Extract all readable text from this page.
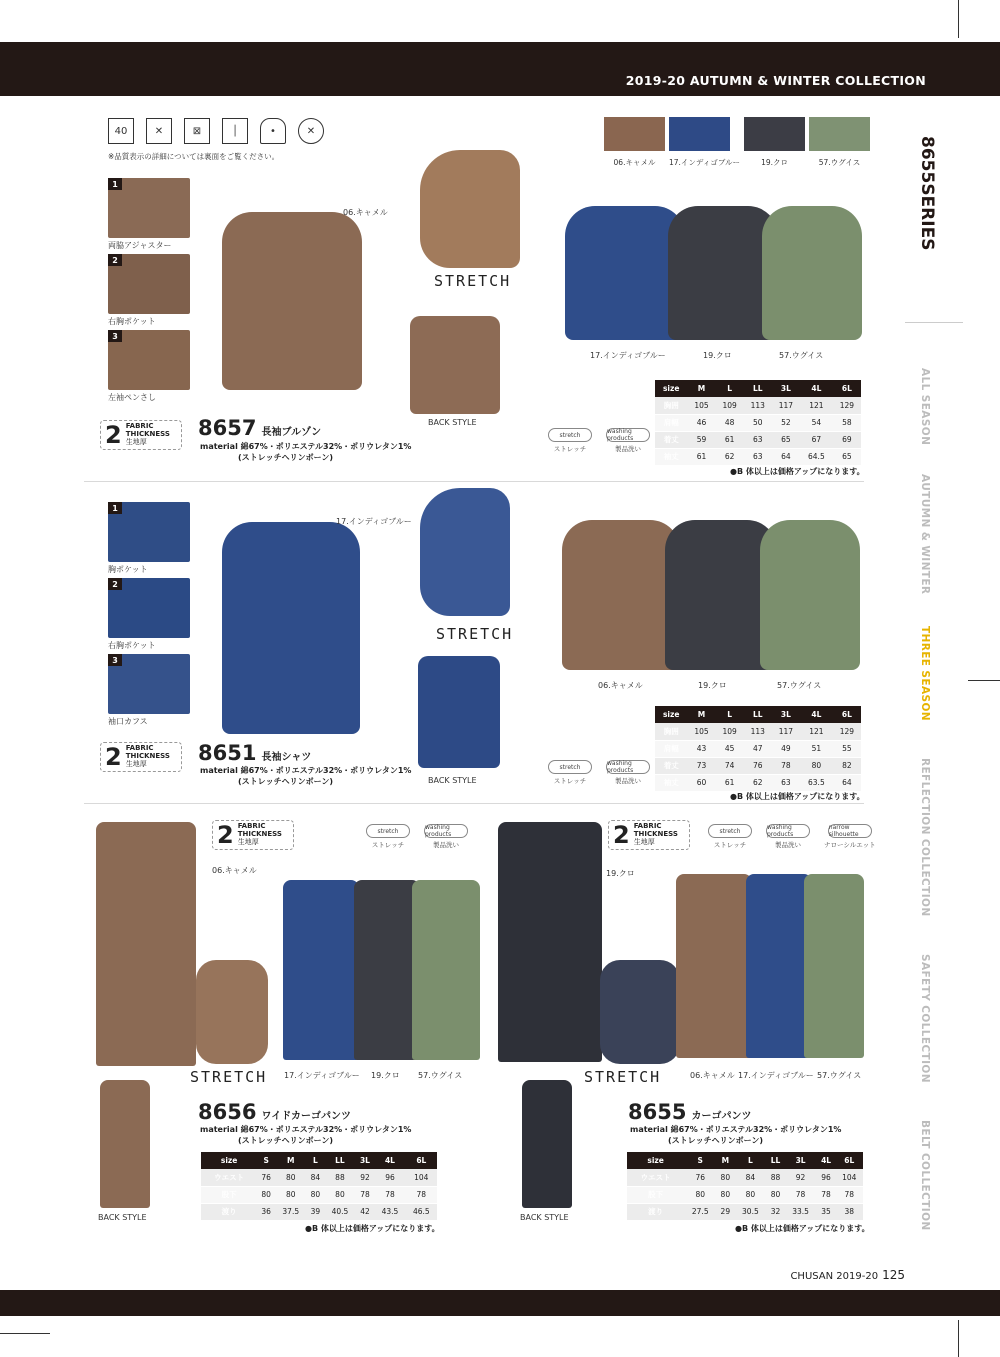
2019-20 AUTUMN & WINTER COLLECTION
8655SERIES
ALL SEASON
AUTUMN & WINTER
THREE SEASON
REFLECTION COLLECTION
SAFETY COLLECTION
BELT COLLECTION
40	✕	⊠	│	•	✕
※品質表示の詳細については裏面をご覧ください。
06.キャメル	17.インディゴブルー	19.クロ	57.ウグイス
1
両脇アジャスター
2
右胸ポケット
3
左袖ペンさし
06.キャメル
STRETCH
BACK STYLE
2 FABRIC
THICKNESS
生地厚
8657 長袖ブルゾン
material 綿67%・ポリエステル32%・ポリウレタン1%
(ストレッチヘリンボーン)
stretch
ストレッチ
washing products
製品洗い
17.インディゴブルー	19.クロ	57.ウグイス
size	M	L	LL	3L	4L	6L
胸囲	105	109	113	117	121	129
肩幅	46	48	50	52	54	58
着丈	59	61	63	65	67	69
袖丈	61	62	63	64	64.5	65
●B 体以上は価格アップになります。
1
胸ポケット
2
右胸ポケット
3
袖口カフス
17.インディゴブルー
STRETCH
BACK STYLE
2 FABRIC
THICKNESS
生地厚	8651 長袖シャツ
material 綿67%・ポリエステル32%・ポリウレタン1%
(ストレッチヘリンボーン)
stretch
ストレッチ
washing products
製品洗い
06.キャメル	19.クロ	57.ウグイス
size	M	L	LL	3L	4L	6L
胸囲	105	109	113	117	121	129
肩幅	43	45	47	49	51	55
着丈	73	74	76	78	80	82
袖丈	60	61	62	63	63.5	64
●B 体以上は価格アップになります。
2 FABRIC
THICKNESS
生地厚
06.キャメル
stretch
ストレッチ
washing products
製品洗い
STRETCH 17.インディゴブルー 19.クロ 57.ウグイス
BACK STYLE
8656 ワイドカーゴパンツ
material 綿67%・ポリエステル32%・ポリウレタン1%
(ストレッチヘリンボーン)
size	S	M	L	LL	3L	4L	6L
ウエスト	76	80	84	88	92	96	104
股下	80	80	80	80	78	78	78
渡り	36	37.5	39	40.5	42	43.5	46.5
●B 体以上は価格アップになります。
19.クロ
2 FABRIC
THICKNESS
生地厚
stretch
ストレッチ
washing products
製品洗い
narrow silhouette
ナローシルエット
STRETCH	06.キャメル 17.インディゴブルー 57.ウグイス
BACK STYLE
8655 カーゴパンツ
material 綿67%・ポリエステル32%・ポリウレタン1%
(ストレッチヘリンボーン)
size	S	M	L	LL	3L	4L	6L
ウエスト	76	80	84	88	92	96	104
股下	80	80	80	80	78	78	78
渡り	27.5	29	30.5	32	33.5	35	38
●B 体以上は価格アップになります。
CHUSAN 2019-20 125
